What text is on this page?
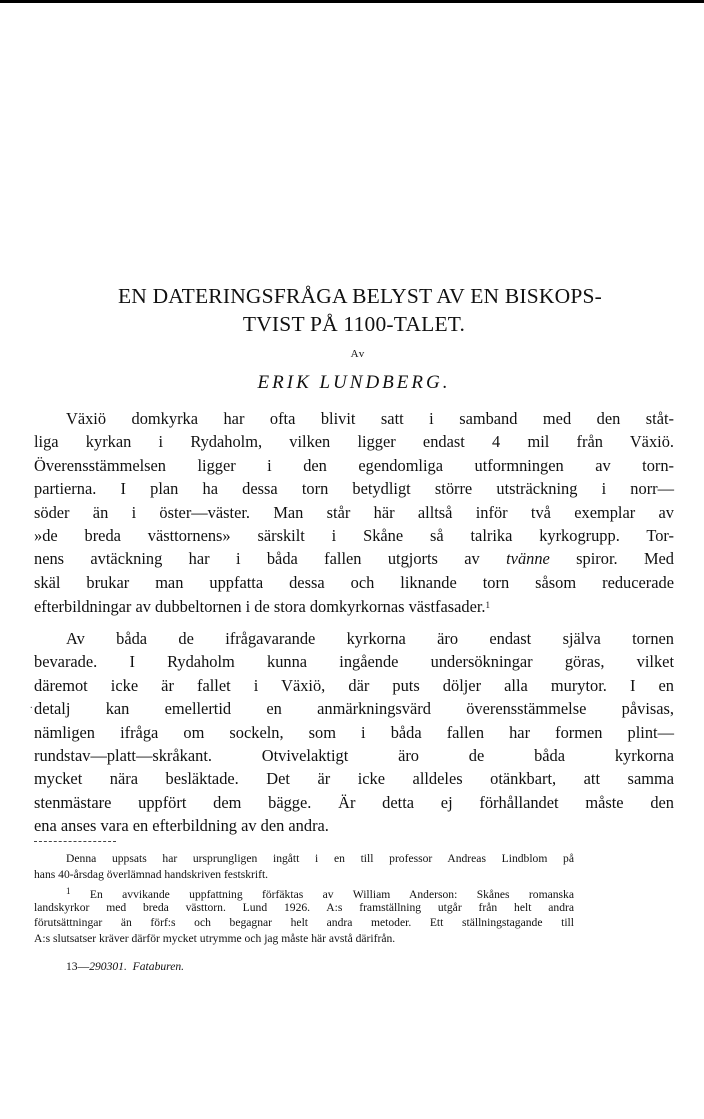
EN DATERINGSFRÅGA BELYST AV EN BISKOPS-
TVIST PÅ 1100-TALET.
Av
ERIK LUNDBERG.
Växiö domkyrka har ofta blivit satt i samband med den ståt-
liga kyrkan i Rydaholm, vilken ligger endast 4 mil från Växiö.
Överensstämmelsen ligger i den egendomliga utformningen av torn-
partierna. I plan ha dessa torn betydligt större utsträckning i norr—
söder än i öster—väster. Man står här alltså inför två exemplar av
»de breda västtornens» särskilt i Skåne så talrika kyrkogrupp. Tor-
nens avtäckning har i båda fallen utgjorts av tvänne spiror. Med
skäl brukar man uppfatta dessa och liknande torn såsom reducerade
efterbildningar av dubbeltornen i de stora domkyrkornas västfasader.$^1$
Av båda de ifrågavarande kyrkorna äro endast själva tornen
bevarade. I Rydaholm kunna ingående undersökningar göras, vilket
däremot icke är fallet i Växiö, där puts döljer alla murytor. I en
detalj kan emellertid en anmärkningsvärd överensstämmelse påvisas,
nämligen ifråga om sockeln, som i båda fallen har formen plint—
rundstav—platt—skråkant. Otvivelaktigt äro de båda kyrkorna
mycket nära besläktade. Det är icke alldeles otänkbart, att samma
stenmästare uppfört dem bägge. Är detta ej förhållandet måste den
ena anses vara en efterbildning av den andra.
Denna uppsats har ursprungligen ingått i en till professor Andreas Lindblom på
hans 40-årsdag överlämnad handskriven festskrift.
$^1$ En avvikande uppfattning förfäktas av William Anderson: Skånes romanska
landskyrkor med breda västtorn. Lund 1926. A:s framställning utgår från helt andra
förutsättningar än förf:s och begagnar helt andra metoder. Ett ställningstagande till
A:s slutsatser kräver därför mycket utrymme och jag måste här avstå därifrån.
13—290301. Fataburen.
.
